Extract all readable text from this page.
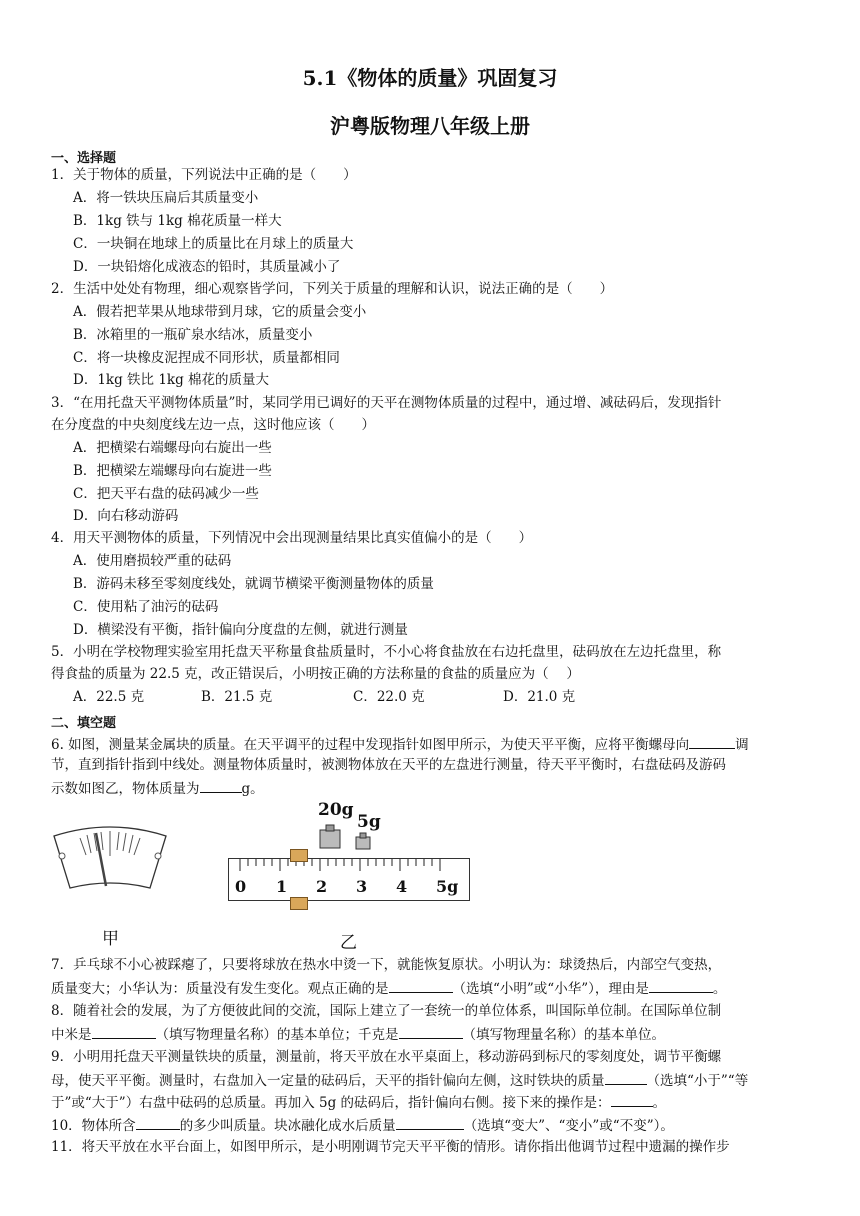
5.1《物体的质量》巩固复习
沪粤版物理八年级上册
一、选择题
1．关于物体的质量，下列说法中正确的是（　　）
A．将一铁块压扁后其质量变小
B．1kg 铁与 1kg 棉花质量一样大
C．一块铜在地球上的质量比在月球上的质量大
D．一块铅熔化成液态的铅时，其质量减小了
2．生活中处处有物理，细心观察皆学问，下列关于质量的理解和认识，说法正确的是（　　）
A．假若把苹果从地球带到月球，它的质量会变小
B．冰箱里的一瓶矿泉水结冰，质量变小
C．将一块橡皮泥捏成不同形状，质量都相同
D．1kg 铁比 1kg 棉花的质量大
3．“在用托盘天平测物体质量”时，某同学用已调好的天平在测物体质量的过程中，通过增、减砝码后，发现指针
在分度盘的中央刻度线左边一点，这时他应该（　　）
A．把横梁右端螺母向右旋出一些
B．把横梁左端螺母向右旋进一些
C．把天平右盘的砝码减少一些
D．向右移动游码
4．用天平测物体的质量，下列情况中会出现测量结果比真实值偏小的是（　　）
A．使用磨损较严重的砝码
B．游码未移至零刻度线处，就调节横梁平衡测量物体的质量
C．使用粘了油污的砝码
D．横梁没有平衡，指针偏向分度盘的左侧，就进行测量
5．小明在学校物理实验室用托盘天平称量食盐质量时，不小心将食盐放在右边托盘里，砝码放在左边托盘里，称
得食盐的质量为 22.5 克，改正错误后，小明按正确的方法称量的食盐的质量应为（　 ）
A．22.5 克	B．21.5 克	C．22.0 克	D．21.0 克
二、填空题
6. 如图，测量某金属块的质量。在天平调平的过程中发现指针如图甲所示，为使天平平衡，应将平衡螺母向	调
节，直到指针指到中线处。测量物体质量时，被测物体放在天平的左盘进行测量，待天平平衡时，右盘砝码及游码
示数如图乙，物体质量为	g。
甲
20g
5g
0 1 2 3 4 5g
乙
7．乒乓球不小心被踩瘪了，只要将球放在热水中烫一下，就能恢复原状。小明认为：球烫热后，内部空气变热，
质量变大；小华认为：质量没有发生变化。观点正确的是	（选填“小明”或“小华”），理由是	。
8．随着社会的发展，为了方便彼此间的交流，国际上建立了一套统一的单位体系，叫国际单位制。在国际单位制
中米是	（填写物理量名称）的基本单位；千克是	（填写物理量名称）的基本单位。
9．小明用托盘天平测量铁块的质量，测量前，将天平放在水平桌面上，移动游码到标尺的零刻度处，调节平衡螺
母，使天平平衡。测量时，右盘加入一定量的砝码后，天平的指针偏向左侧，这时铁块的质量	（选填“小于”“等
于”或“大于”）右盘中砝码的总质量。再加入 5g 的砝码后，指针偏向右侧。接下来的操作是：	。
10．物体所含	的多少叫质量。块冰融化成水后质量	（选填“变大”、“变小”或“不变”）。
11．将天平放在水平台面上，如图甲所示，是小明刚调节完天平平衡的情形。请你指出他调节过程中遗漏的操作步
